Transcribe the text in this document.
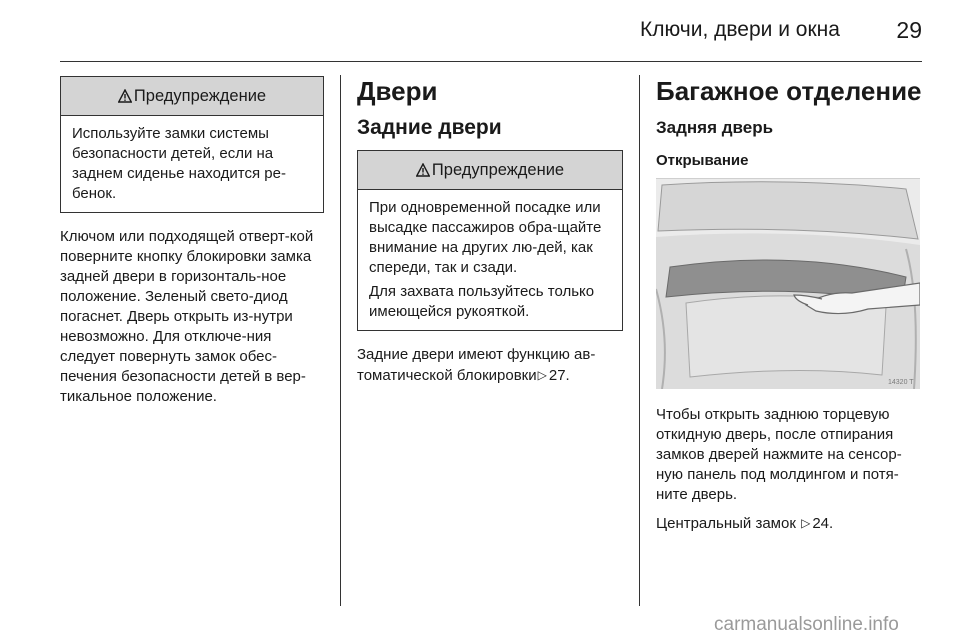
Ключи, двери и окна 29
Предупреждение

Используйте замки системы безопасности детей, если на заднем сиденье находится ре-бенок.

Ключом или подходящей отверт-кой поверните кнопку блокировки замка задней двери в горизонталь-ное положение. Зеленый свето-диод погаснет. Дверь открыть из-нутри невозможно. Для отключе-ния следует повернуть замок обес-печения безопасности детей в вер-тикальное положение.

Двери
Задние двери
Предупреждение

При одновременной посадке или высадке пассажиров обра-щайте внимание на других лю-дей, как спереди, так и сзади.

Для захвата пользуйтесь только имеющейся рукояткой.

Задние двери имеют функцию ав-томатической блокировки▷ 27.

Багажное отделение
Задняя дверь
Открывание
14320 T

Чтобы открыть заднюю торцевую откидную дверь, после отпирания замков дверей нажмите на сенсор-ную панель под молдингом и потя-ните дверь.

Центральный замок ▷ 24.

carmanualsonline.info
